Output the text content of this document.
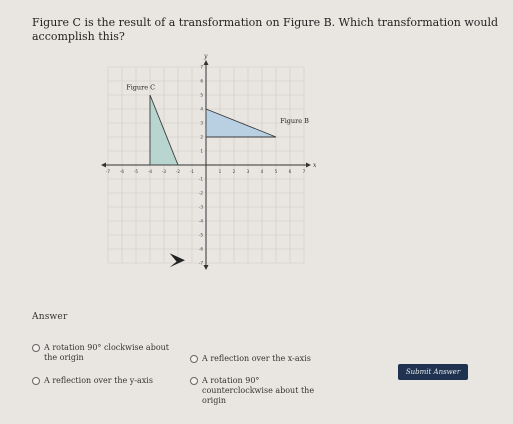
Figure C is the result of a transformation on Figure B. Which transformation would accomplish this?
x
y
-7 -6 -5 -4 -3 -2 -1	1	2	3	4	5	6	7
7
6
5
4
3
2
1
-1
-2
-3
-4
-5
-6
-7
Figure C
Figure B
Answer
A rotation 90° clockwise about the origin	A reflection over the x-axis
A reflection over the y-axis	A rotation 90° counterclockwise about the origin
Submit Answer
